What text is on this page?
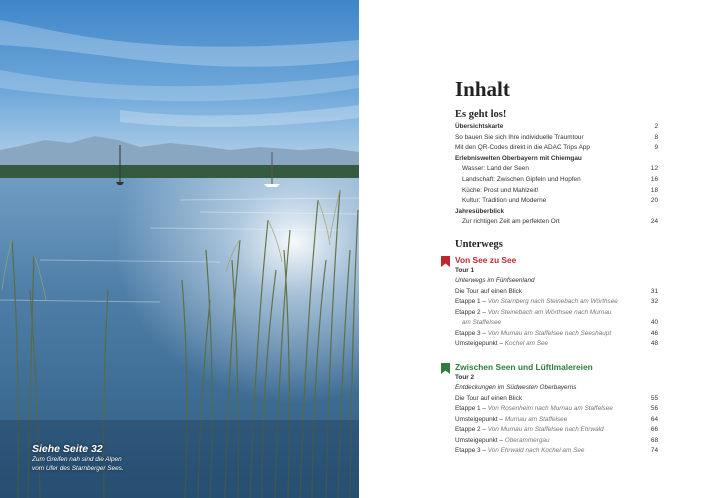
Siehe Seite 32
Zum Greifen nah sind die Alpen
vom Ufer des Starnberger Sees.
Inhalt
Es geht los!
Übersichtskarte	2
So bauen Sie sich Ihre individuelle Traumtour	8
Mit den QR-Codes direkt in die ADAC Trips App	9
Erlebniswelten Oberbayern mit Chiemgau
Wasser: Land der Seen	12
Landschaft: Zwischen Gipfeln und Hopfen	16
Küche: Prost und Mahlzeit!	18
Kultur: Tradition und Moderne	20
Jahresüberblick
Zur richtigen Zeit am perfekten Ort	24
Unterwegs
Von See zu See
Tour 1
Unterwegs im Fünfseenland
Die Tour auf einen Blick	31
Etappe 1 – Von Starnberg nach Steinebach am Wörthsee	32
Etappe 2 – Von Steinebach am Wörthsee nach Murnau
am Staffelsee	40
Etappe 3 – Von Murnau am Staffelsee nach Seeshaupt	46
Umsteigepunkt – Kochel am See	48
Zwischen Seen und Lüftlmalereien
Tour 2
Entdeckungen im Südwesten Oberbayerns
Die Tour auf einen Blick	55
Etappe 1 – Von Rosenheim nach Murnau am Staffelsee	56
Umsteigepunkt – Murnau am Staffelsee	64
Etappe 2 – Von Murnau am Staffelsee nach Ehrwald	66
Umsteigepunkt – Oberammergau	68
Etappe 3 – Von Ehrwald nach Kochel am See	74
